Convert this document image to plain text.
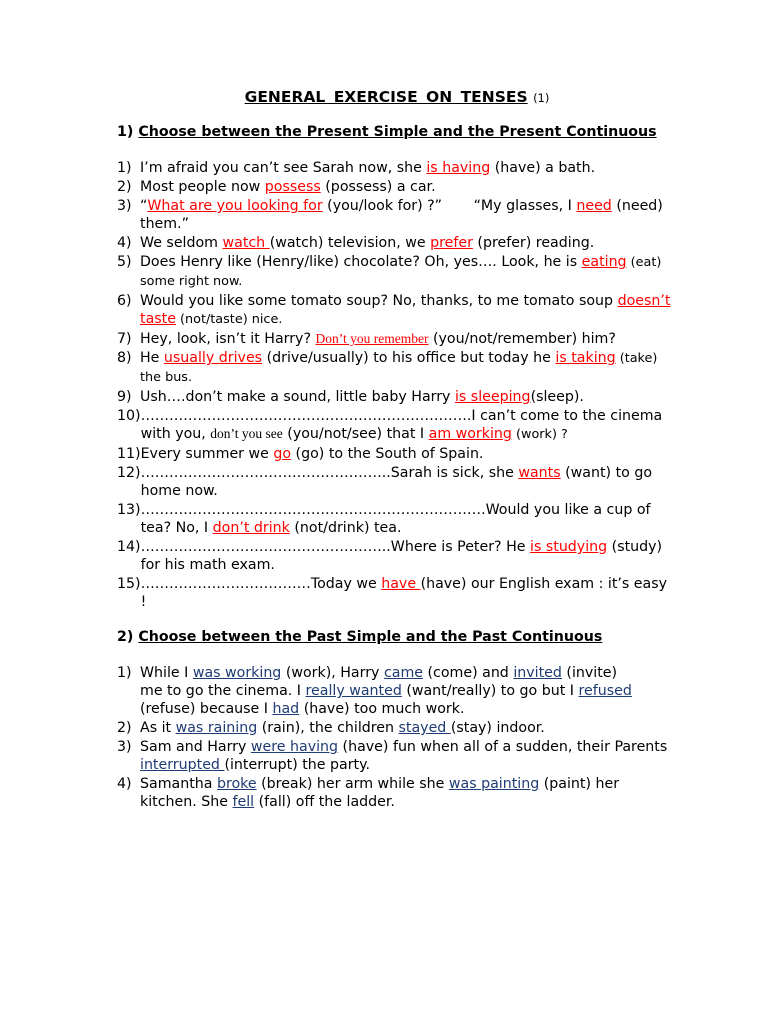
GENERAL EXERCISE ON TENSES (1)
1) Choose between the Present Simple and the Present Continuous
1) I’m afraid you can’t see Sarah now, she is having (have) a bath.
2) Most people now possess (possess) a car.
3) “What are you looking for (you/look for) ?”       “My glasses, I need (need) them.”
4) We seldom watch (watch) television, we prefer (prefer) reading.
5) Does Henry like (Henry/like) chocolate? Oh, yes…. Look, he is eating (eat) some right now.
6) Would you like some tomato soup? No, thanks, to me tomato soup doesn’t taste (not/taste) nice.
7) Hey, look, isn’t it Harry? Don’t you remember (you/not/remember) him?
8) He usually drives (drive/usually) to his office but today he is taking (take) the bus.
9) Ush….don’t make a sound, little baby Harry is sleeping(sleep).
10) …………………………………………………………….I can’t come to the cinema with you, don’t you see (you/not/see) that I am working (work) ?
11) Every summer we go (go) to the South of Spain.
12) ……………………………………………..Sarah is sick, she wants (want) to go home now.
13) ……………………………………………………………….Would you like a cup of tea? No, I don’t drink (not/drink) tea.
14) ……………………………………………..Where is Peter? He is studying (study) for his math exam.
15) ………………………………Today we have (have) our English exam : it’s easy !
2) Choose between the Past Simple and the Past Continuous
1) While I was working (work), Harry came (come) and invited (invite)
me to go the cinema. I really wanted (want/really) to go but I refused
(refuse) because I had (have) too much work.
2) As it was raining (rain), the children stayed (stay) indoor.
3) Sam and Harry were having (have) fun when all of a sudden, their Parents interrupted (interrupt) the party.
4) Samantha broke (break) her arm while she was painting (paint) her
kitchen. She fell (fall) off the ladder.
